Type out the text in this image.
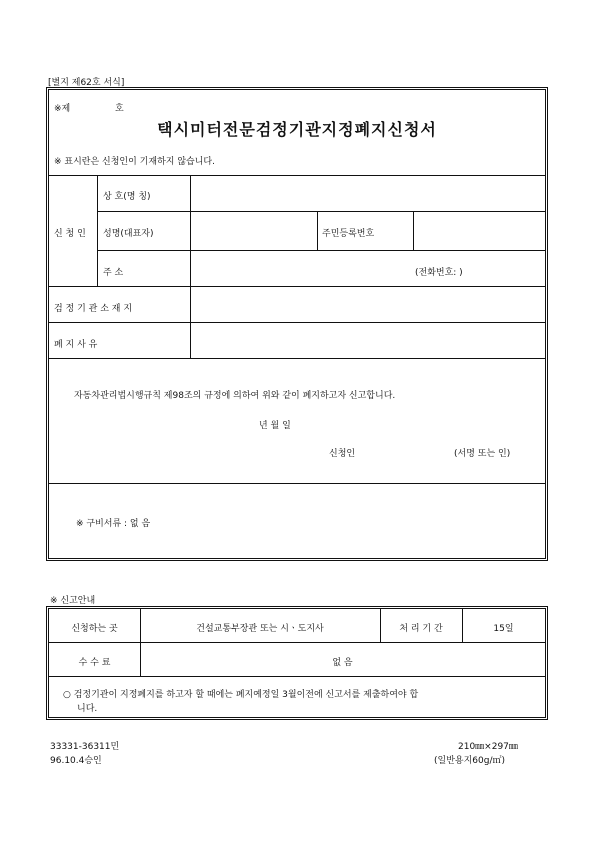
[별지 제62호 서식]
※제	호
택시미터전문검정기관지정폐지신청서
※ 표시란은 신청인이 기재하지 않습니다.
신 청 인
상 호(명 칭)
성명(대표자)	주민등록번호
주 소	(전화번호: )
검 정 기 관 소 재 지
폐 지 사 유
자동차관리법시행규칙 제98조의 규정에 의하여 위와 같이 폐지하고자 신고합니다.
년 월 일
신청인	(서명 또는 인)
※ 구비서류 : 없 음
※ 신고안내
신청하는 곳	건설교통부장관 또는 시ㆍ도지사	처 리 기 간	15일
수 수 료	없 음
○ 검정기관이 지정폐지를 하고자 할 때에는 폐지예정일 3월이전에 신고서를 제출하여야 합
니다.
33331-36311민
96.10.4승인
210㎜×297㎜
(일반용지60g/㎡)
